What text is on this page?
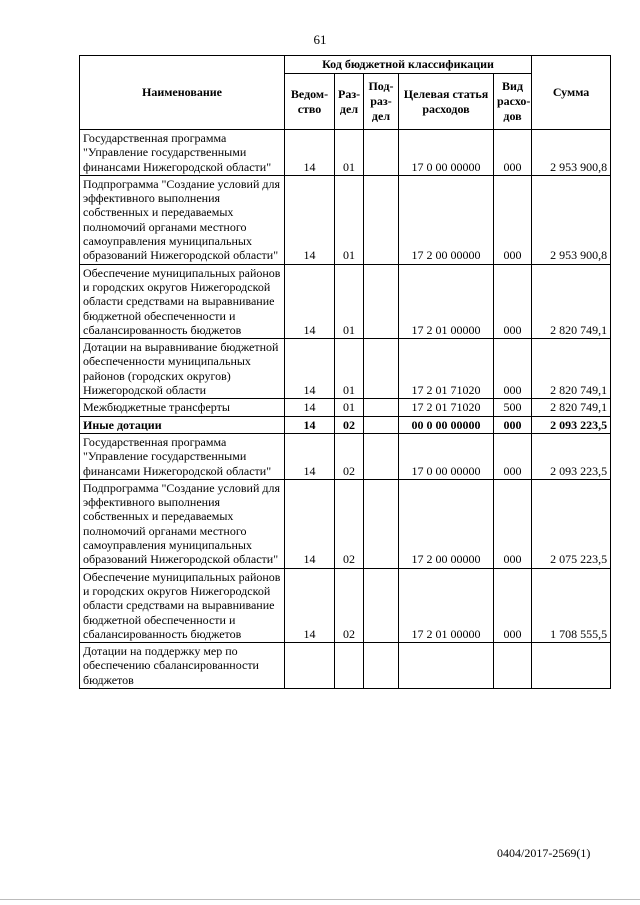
61
Наименование	Код бюджетной классификации					Сумма
	Ведом-ство	Раз-дел	Под-раз-дел	Целевая статья расходов	Вид расхо-дов	
Государственная программа "Управление государственными финансами Нижегородской области"	14	01		17 0 00 00000	000	2 953 900,8
Подпрограмма "Создание условий для эффективного выполнения собственных и передаваемых полномочий органами местного самоуправления муниципальных образований Нижегородской области"	14	01		17 2 00 00000	000	2 953 900,8
Обеспечение муниципальных районов и городских округов Нижегородской области средствами на выравнивание бюджетной обеспеченности и сбалансированность бюджетов	14	01		17 2 01 00000	000	2 820 749,1
Дотации на выравнивание бюджетной обеспеченности муниципальных районов (городских округов) Нижегородской области	14	01		17 2 01 71020	000	2 820 749,1
Межбюджетные трансферты	14	01		17 2 01 71020	500	2 820 749,1
Иные дотации	14	02		00 0 00 00000	000	2 093 223,5
Государственная программа "Управление государственными финансами Нижегородской области"	14	02		17 0 00 00000	000	2 093 223,5
Подпрограмма "Создание условий для эффективного выполнения собственных и передаваемых полномочий органами местного самоуправления муниципальных образований Нижегородской области"	14	02		17 2 00 00000	000	2 075 223,5
Обеспечение муниципальных районов и городских округов Нижегородской области средствами на выравнивание бюджетной обеспеченности и сбалансированность бюджетов	14	02		17 2 01 00000	000	1 708 555,5
Дотации на поддержку мер по обеспечению сбалансированности бюджетов						
0404/2017-2569(1)
